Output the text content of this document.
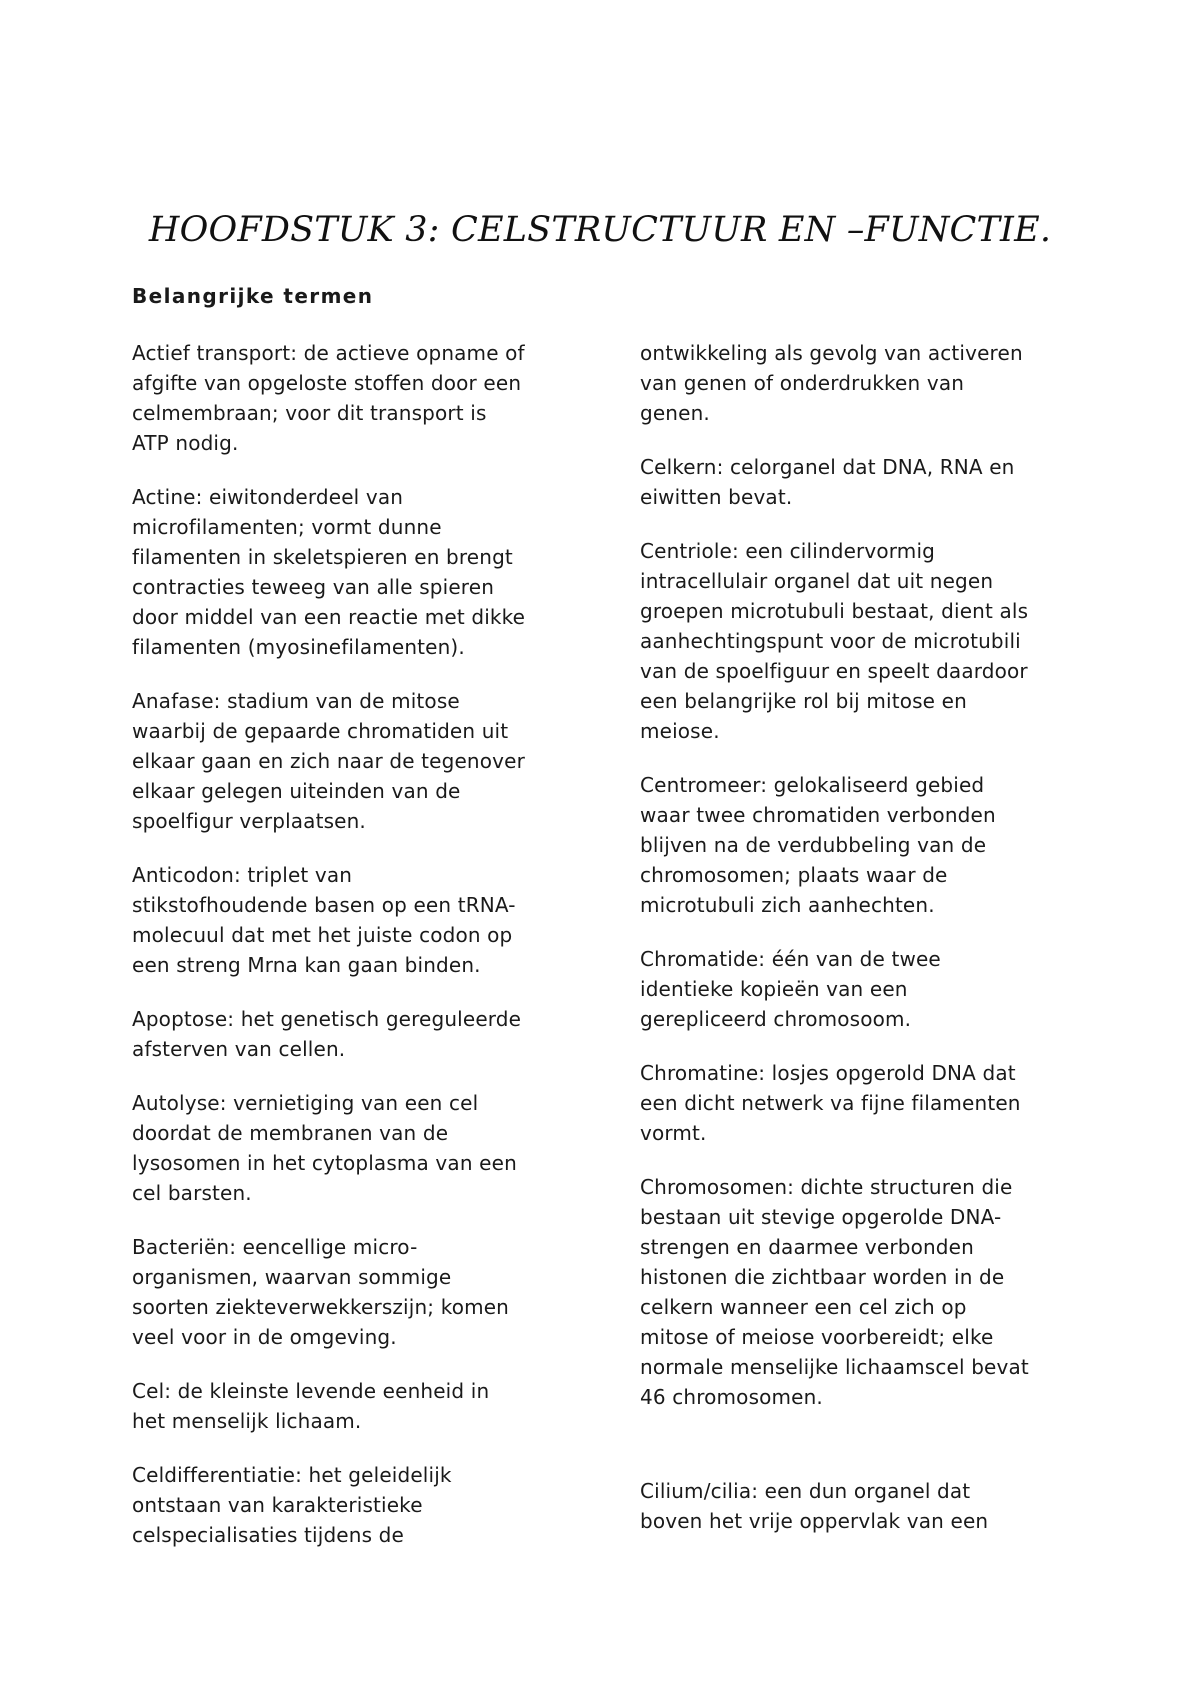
HOOFDSTUK 3: CELSTRUCTUUR EN –FUNCTIE.
Belangrijke termen

Actief transport: de actieve opname of
afgifte van opgeloste stoffen door een
celmembraan; voor dit transport is
ATP nodig.

Actine: eiwitonderdeel van
microfilamenten; vormt dunne
filamenten in skeletspieren en brengt
contracties teweeg van alle spieren
door middel van een reactie met dikke
filamenten (myosinefilamenten).

Anafase: stadium van de mitose
waarbij de gepaarde chromatiden uit
elkaar gaan en zich naar de tegenover
elkaar gelegen uiteinden van de
spoelfigur verplaatsen.

Anticodon: triplet van
stikstofhoudende basen op een tRNA-
molecuul dat met het juiste codon op
een streng Mrna kan gaan binden.

Apoptose: het genetisch gereguleerde
afsterven van cellen.

Autolyse: vernietiging van een cel
doordat de membranen van de
lysosomen in het cytoplasma van een
cel barsten.

Bacteriën: eencellige micro-
organismen, waarvan sommige
soorten ziekteverwekkerszijn; komen
veel voor in de omgeving.

Cel: de kleinste levende eenheid in
het menselijk lichaam.

Celdifferentiatie: het geleidelijk
ontstaan van karakteristieke
celspecialisaties tijdens de

ontwikkeling als gevolg van activeren
van genen of onderdrukken van
genen.

Celkern: celorganel dat DNA, RNA en
eiwitten bevat.

Centriole: een cilindervormig
intracellulair organel dat uit negen
groepen microtubuli bestaat, dient als
aanhechtingspunt voor de microtubili
van de spoelfiguur en speelt daardoor
een belangrijke rol bij mitose en
meiose.

Centromeer: gelokaliseerd gebied
waar twee chromatiden verbonden
blijven na de verdubbeling van de
chromosomen; plaats waar de
microtubuli zich aanhechten.

Chromatide: één van de twee
identieke kopieën van een
gerepliceerd chromosoom.

Chromatine: losjes opgerold DNA dat
een dicht netwerk va fijne filamenten
vormt.

Chromosomen: dichte structuren die
bestaan uit stevige opgerolde DNA-
strengen en daarmee verbonden
histonen die zichtbaar worden in de
celkern wanneer een cel zich op
mitose of meiose voorbereidt; elke
normale menselijke lichaamscel bevat
46 chromosomen.

Cilium/cilia: een dun organel dat
boven het vrije oppervlak van een
